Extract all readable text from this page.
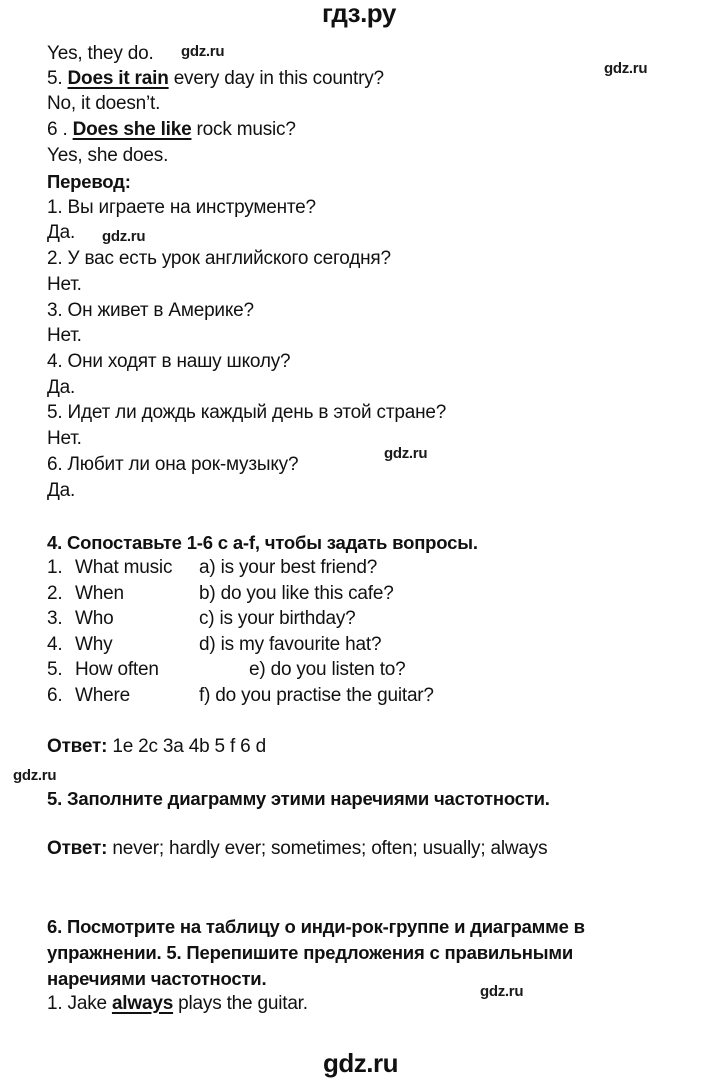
гдз.ру
Yes, they do. gdz.ru
gdz.ru
5. Does it rain every day in this country?
No, it doesn’t.
6 . Does she like rock music?
Yes, she does.
Перевод:
1. Вы играете на инструменте?
Да. gdz.ru
2. У вас есть урок английского сегодня?
Нет.
3. Он живет в Америке?
Нет.
4. Они ходят в нашу школу?
Да.
5. Идет ли дождь каждый день в этой стране?
Нет.
gdz.ru
6. Любит ли она рок-музыку?
Да.
4. Сопоставьте 1-6 с a-f, чтобы задать вопросы.
1. What music a) is your best friend?
2. When	b) do you like this cafe?
3. Who	c) is your birthday?
4. Why	d) is my favourite hat?
5. How often	e) do you listen to?
6. Where	f) do you practise the guitar?
Ответ: 1e 2c 3a 4b 5 f 6 d
gdz.ru
5. Заполните диаграмму этими наречиями частотности.
Ответ: never; hardly ever; sometimes; often; usually; always
6. Посмотрите на таблицу о инди-рок-группе и диаграмме в
упражнении. 5. Перепишите предложения с правильными
наречиями частотности.
gdz.ru
1. Jake always plays the guitar.
gdz.ru
